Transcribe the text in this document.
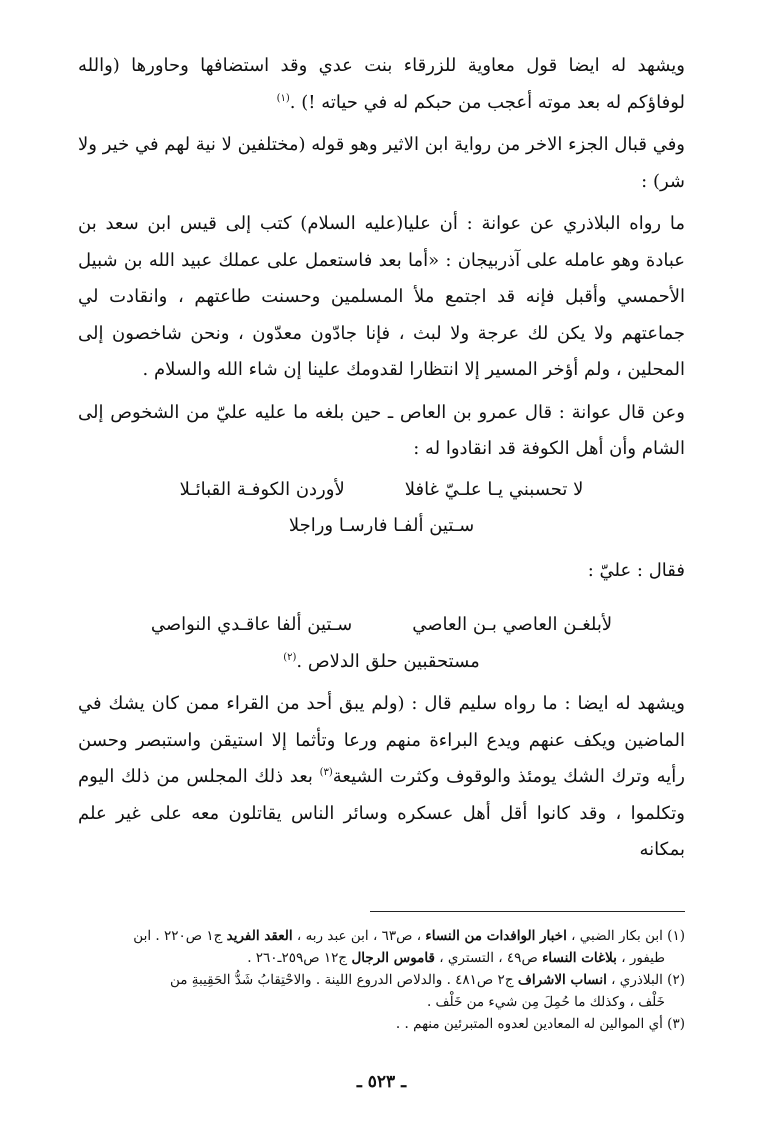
ويشهد له ايضا قول معاوية للزرقاء بنت عدي وقد استضافها وحاورها (والله لوفاؤكم له بعد موته أعجب من حبكم له في حياته !) .$^{(١)}$

وفي قبال الجزء الاخر من رواية ابن الاثير وهو قوله (مختلفين لا نية لهم في خير ولا شر) :

ما رواه البلاذري عن عوانة : أن عليا(عليه السلام) كتب إلى قيس ابن سعد بن عبادة وهو عامله على آذربيجان : «أما بعد فاستعمل على عملك عبيد الله بن شبيل الأحمسي وأقبل فإنه قد اجتمع ملأ المسلمين وحسنت طاعتهم ، وانقادت لي جماعتهم ولا يكن لك عرجة ولا لبث ، فإنا جادّون معدّون ، ونحن شاخصون إلى المحلين ، ولم أؤخر المسير إلا انتظارا لقدومك علينا إن شاء الله والسلام .

وعن قال عوانة : قال عمرو بن العاص ـ حين بلغه ما عليه عليّ من الشخوص إلى الشام وأن أهل الكوفة قد انقادوا له :

لا تحسبني يـا علـيّ غافلا
لأوردن الكوفـة القبائـلا
سـتين ألفـا فارسـا وراجلا

فقال : عليّ :

لأبلغـن العاصي بـن العاصي
سـتين ألفا عاقـدي النواصي
مستحقبين حلق الدلاص .$^{(٢)}$

ويشهد له ايضا : ما رواه سليم قال : (ولم يبق أحد من القراء ممن كان يشك في الماضين ويكف عنهم ويدع البراءة منهم ورعا وتأثما إلا استيقن واستبصر وحسن رأيه وترك الشك يومئذ والوقوف وكثرت الشيعة$^{(٣)}$ بعد ذلك المجلس من ذلك اليوم وتكلموا ، وقد كانوا أقل أهل عسكره وسائر الناس يقاتلون معه على غير علم بمكانه

(١) ابن بكار الضبي ، اخبار الوافدات من النساء ، ص٦٣ ، ابن عبد ربه ، العقد الفريد ج١ ص٢٢٠ . ابن

طيفور ، بلاغات النساء ص٤٩ ، التستري ، قاموس الرجال ج١٢ ص٢٥٩ـ٢٦٠ .

(٢) البلاذري ، انساب الاشراف ج٢ ص٤٨١ . والدلاص الدروع اللينة . والاحْتِقابُ شَدُّ الحَقِيبةِ من

خَلْف ، وكذلك ما حُمِلَ مِن شيء من خَلْف .

(٣) أي الموالين له المعادين لعدوه المتبرئين منهم . .

ـ ٥٢٣ ـ
